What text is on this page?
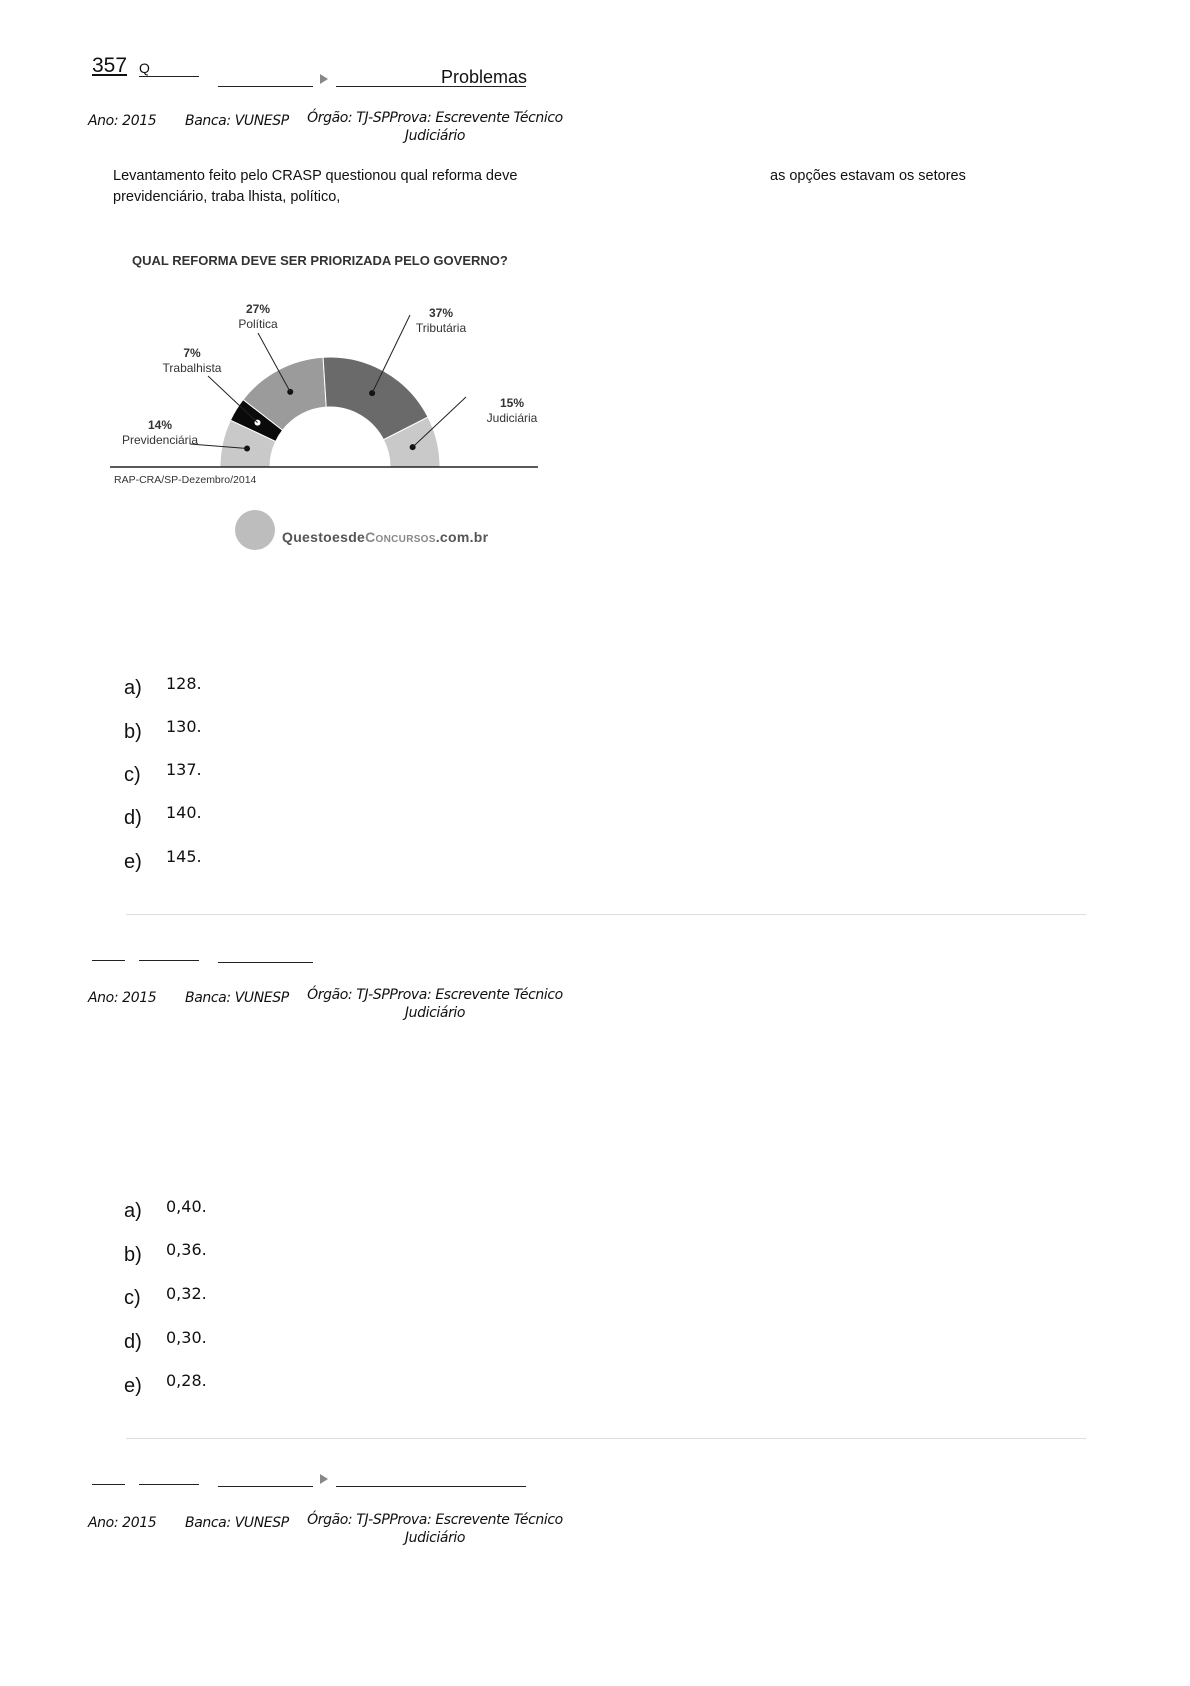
357 Q	Problemas
Ano: 2015 Banca: VUNESP	Órgão: TJ-SPProva: Escrevente Técnico
Judiciário
Levantamento feito pelo CRASP questionou qual reforma deve	as opções estavam os setores
previdenciário, traba lhista, político,
QUAL REFORMA DEVE SER PRIORIZADA PELO GOVERNO?
RAP-CRA/SP-Dezembro/2014
27%
Política
37%
Tributária
7%
Trabalhista
15%
Judiciária
14%
Previdenciária
QuestoesdeConcursos.com.br
a) 128.
b) 130.
c) 137.
d) 140.
e) 145.
Ano: 2015 Banca: VUNESP	Órgão: TJ-SPProva: Escrevente Técnico
Judiciário
a) 0,40.
b) 0,36.
c) 0,32.
d) 0,30.
e) 0,28.
Ano: 2015 Banca: VUNESP	Órgão: TJ-SPProva: Escrevente Técnico
Judiciário
